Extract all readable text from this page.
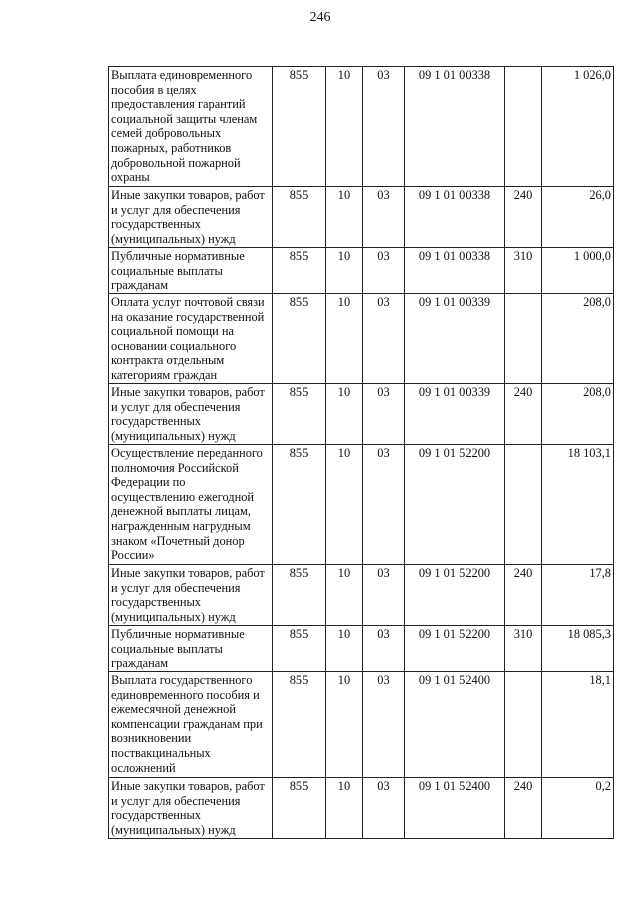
246
Выплата единовременного пособия в целях предоставления гарантий социальной защиты членам семей добровольных пожарных, работников добровольной пожарной охраны	855	10	03	09 1 01 00338		1 026,0
Иные закупки товаров, работ и услуг для обеспечения государственных (муниципальных) нужд	855	10	03	09 1 01 00338	240	26,0
Публичные нормативные социальные выплаты гражданам	855	10	03	09 1 01 00338	310	1 000,0
Оплата услуг почтовой связи на оказание государственной социальной помощи на основании социального контракта отдельным категориям граждан	855	10	03	09 1 01 00339		208,0
Иные закупки товаров, работ и услуг для обеспечения государственных (муниципальных) нужд	855	10	03	09 1 01 00339	240	208,0
Осуществление переданного полномочия Российской Федерации по осуществлению ежегодной денежной выплаты лицам, награжденным нагрудным знаком «Почетный донор России»	855	10	03	09 1 01 52200		18 103,1
Иные закупки товаров, работ и услуг для обеспечения государственных (муниципальных) нужд	855	10	03	09 1 01 52200	240	17,8
Публичные нормативные социальные выплаты гражданам	855	10	03	09 1 01 52200	310	18 085,3
Выплата государственного единовременного пособия и ежемесячной денежной компенсации гражданам при возникновении поствакцинальных осложнений	855	10	03	09 1 01 52400		18,1
Иные закупки товаров, работ и услуг для обеспечения государственных (муниципальных) нужд	855	10	03	09 1 01 52400	240	0,2
